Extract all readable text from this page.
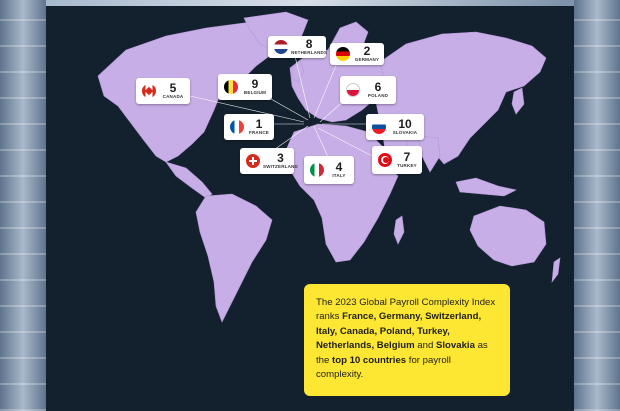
8
NETHERLANDS	2
GERMANY
5
CANADA
9
BELGIUM	6
POLAND
1
FRANCE
10
SLOVAKIA
3
SWITZERLAND	4
ITALY
7
TURKEY
The 2023 Global Payroll Complexity Index ranks France, Germany, Switzerland, Italy, Canada, Poland, Turkey, Netherlands, Belgium and Slovakia as the top 10 countries for payroll complexity.
